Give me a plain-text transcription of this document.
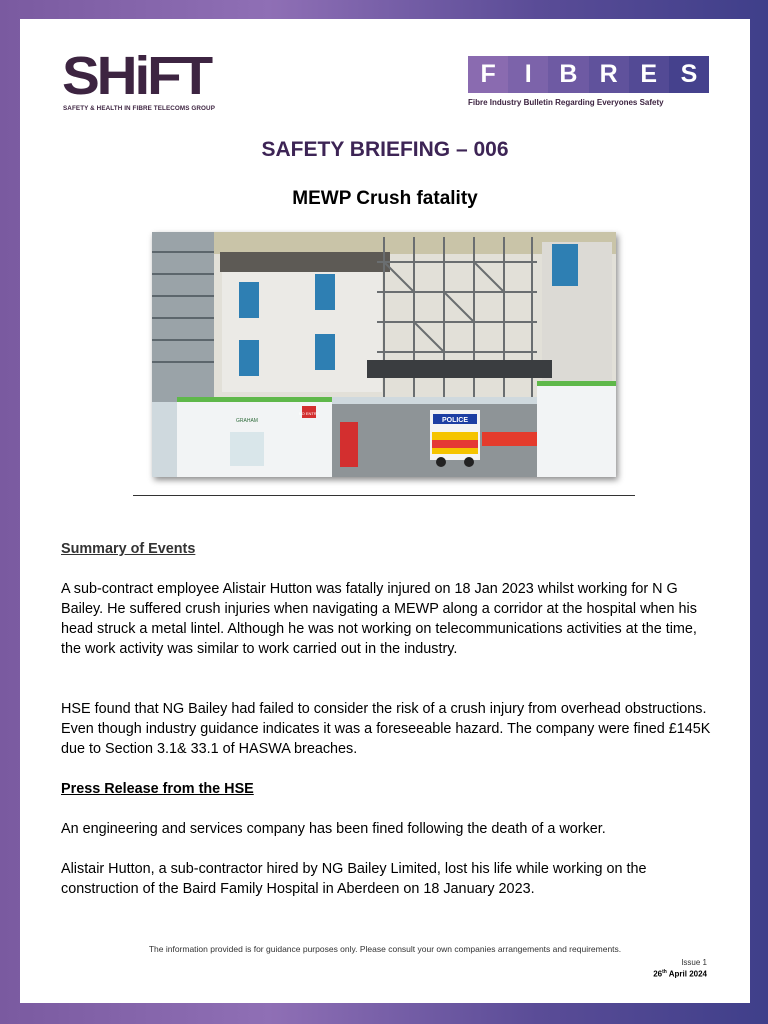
SHiFT
SAFETY & HEALTH IN FIBRE TELECOMS GROUP
F	I	B R E S
Fibre Industry Bulletin Regarding Everyones Safety
SAFETY BRIEFING – 006
MEWP Crush fatality
NO ENTRY
GRAHAM	POLICE
Summary of Events
A sub-contract employee Alistair Hutton was fatally injured on 18 Jan 2023 whilst working for N G Bailey. He suffered crush injuries when navigating a MEWP along a corridor at the hospital when his head struck a metal lintel. Although he was not working on telecommunications activities at the time, the work activity was similar to work carried out in the industry.
HSE found that NG Bailey had failed to consider the risk of a crush injury from overhead obstructions. Even though industry guidance indicates it was a foreseeable hazard. The company were fined £145K due to Section 3.1& 33.1 of HASWA breaches.
Press Release from the HSE
An engineering and services company has been fined following the death of a worker.
Alistair Hutton, a sub-contractor hired by NG Bailey Limited, lost his life while working on the construction of the Baird Family Hospital in Aberdeen on 18 January 2023.
The information provided is for guidance purposes only. Please consult your own companies arrangements and requirements.
Issue 1
26th April 2024
